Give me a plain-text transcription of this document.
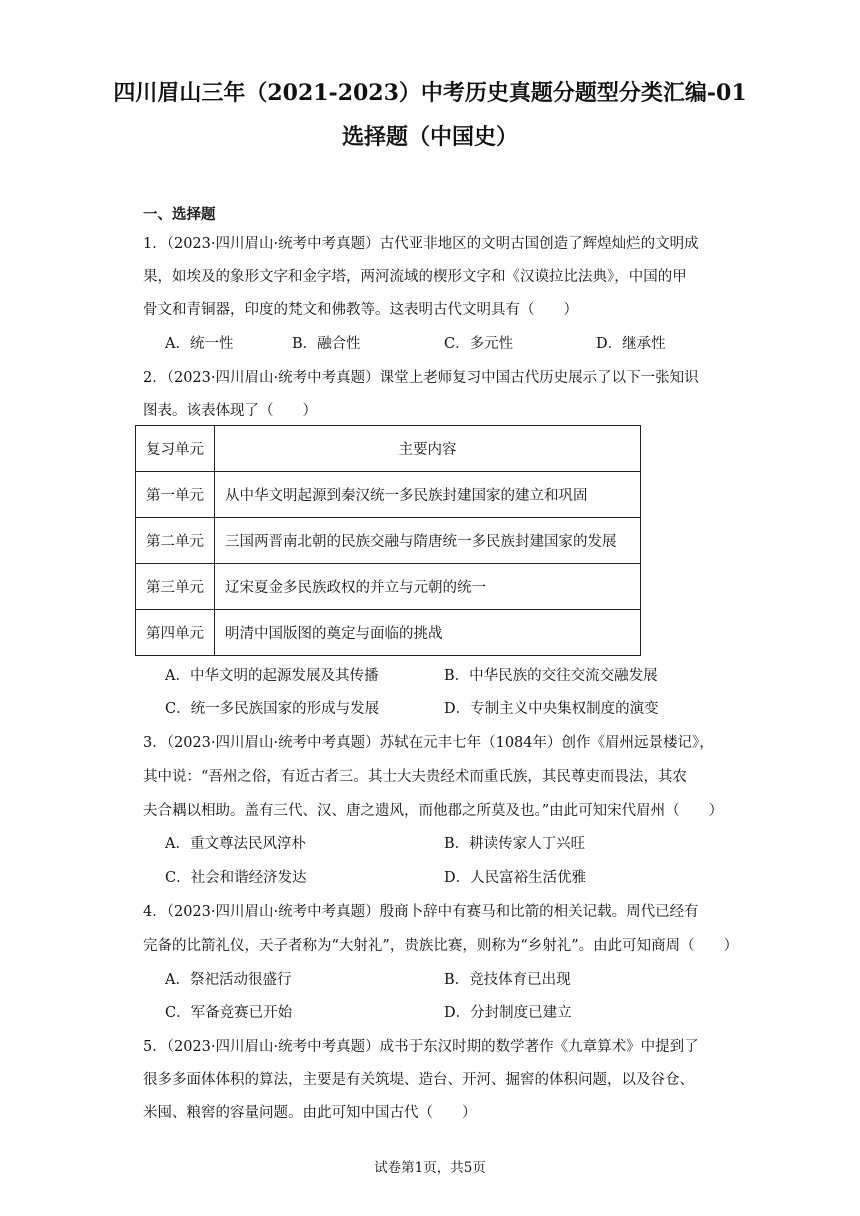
四川眉山三年（2021-2023）中考历史真题分题型分类汇编-01
选择题（中国史）
一、选择题
1．（2023·四川眉山·统考中考真题）古代亚非地区的文明古国创造了辉煌灿烂的文明成
果，如埃及的象形文字和金字塔，两河流域的楔形文字和《汉谟拉比法典》，中国的甲
骨文和青铜器，印度的梵文和佛教等。这表明古代文明具有（　　）
A．统一性	B．融合性	C．多元性	D．继承性
2．（2023·四川眉山·统考中考真题）课堂上老师复习中国古代历史展示了以下一张知识
图表。该表体现了（　　）
复习单元	主要内容
第一单元	从中华文明起源到秦汉统一多民族封建国家的建立和巩固
第二单元	三国两晋南北朝的民族交融与隋唐统一多民族封建国家的发展
第三单元	辽宋夏金多民族政权的并立与元朝的统一
第四单元	明清中国版图的奠定与面临的挑战
A．中华文明的起源发展及其传播	B．中华民族的交往交流交融发展
C．统一多民族国家的形成与发展	D．专制主义中央集权制度的演变
3．（2023·四川眉山·统考中考真题）苏轼在元丰七年（1084年）创作《眉州远景楼记》，
其中说：“吾州之俗，有近古者三。其士大夫贵经术而重氏族，其民尊吏而畏法，其农
夫合耦以相助。盖有三代、汉、唐之遗风，而他郡之所莫及也。”由此可知宋代眉州（　　）
A．重文尊法民风淳朴	B．耕读传家人丁兴旺
C．社会和谐经济发达	D．人民富裕生活优雅
4．（2023·四川眉山·统考中考真题）殷商卜辞中有赛马和比箭的相关记载。周代已经有
完备的比箭礼仪，天子者称为“大射礼”，贵族比赛，则称为“乡射礼”。由此可知商周（　　）
A．祭祀活动很盛行	B．竞技体育已出现
C．军备竞赛已开始	D．分封制度已建立
5．（2023·四川眉山·统考中考真题）成书于东汉时期的数学著作《九章算术》中提到了
很多多面体体积的算法，主要是有关筑堤、造台、开河、掘窖的体积问题，以及谷仓、
米囤、粮窖的容量问题。由此可知中国古代（　　）
试卷第1页，共5页
